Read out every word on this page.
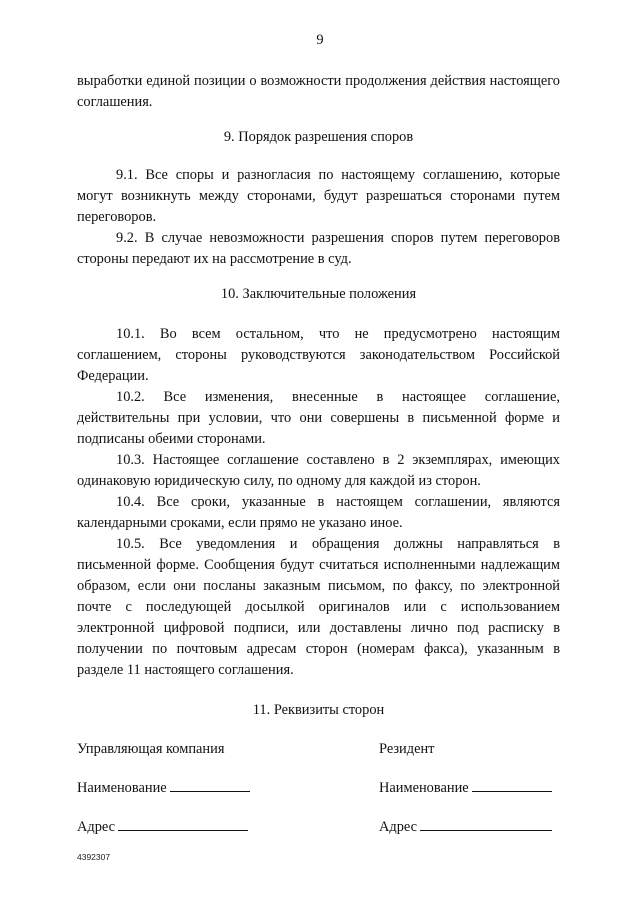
9

выработки единой позиции о возможности продолжения действия настоящего соглашения.

9. Порядок разрешения споров

9.1. Все споры и разногласия по настоящему соглашению, которые могут возникнуть между сторонами, будут разрешаться сторонами путем переговоров.

9.2. В случае невозможности разрешения споров путем переговоров стороны передают их на рассмотрение в суд.

10. Заключительные положения

10.1. Во всем остальном, что не предусмотрено настоящим соглашением, стороны руководствуются законодательством Российской Федерации.

10.2. Все изменения, внесенные в настоящее соглашение, действительны при условии, что они совершены в письменной форме и подписаны обеими сторонами.

10.3. Настоящее соглашение составлено в 2 экземплярах, имеющих одинаковую юридическую силу, по одному для каждой из сторон.

10.4. Все сроки, указанные в настоящем соглашении, являются календарными сроками, если прямо не указано иное.

10.5. Все уведомления и обращения должны направляться в письменной форме. Сообщения будут считаться исполненными надлежащим образом, если они посланы заказным письмом, по факсу, по электронной почте с последующей досылкой оригиналов или с использованием электронной цифровой подписи, или доставлены лично под расписку в получении по почтовым адресам сторон (номерам факса), указанным в разделе 11 настоящего соглашения.

11. Реквизиты сторон
Управляющая компания
Наименование
Адрес
Резидент
Наименование
Адрес
4392307
